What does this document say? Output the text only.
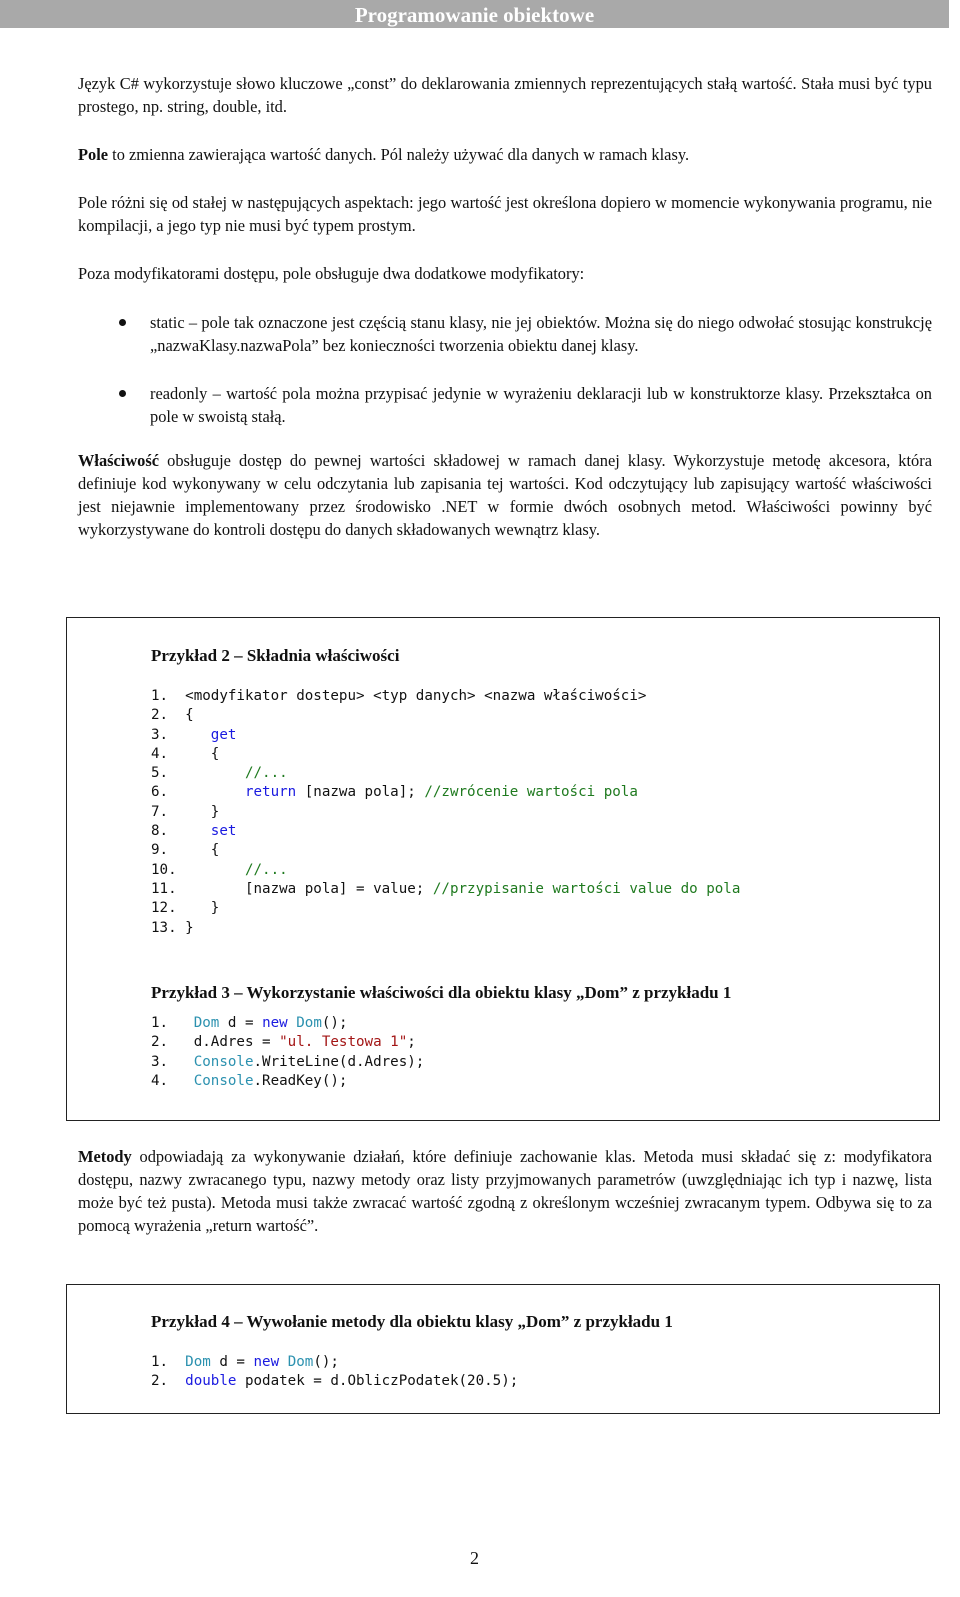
Programowanie obiektowe

Język C# wykorzystuje słowo kluczowe „const” do deklarowania zmiennych reprezentujących stałą wartość. Stała musi być typu prostego, np. string, double, itd.

Pole to zmienna zawierająca wartość danych. Pól należy używać dla danych w ramach klasy.

Pole różni się od stałej w następujących aspektach: jego wartość jest określona dopiero w momencie wykonywania programu, nie kompilacji, a jego typ nie musi być typem prostym.

Poza modyfikatorami dostępu, pole obsługuje dwa dodatkowe modyfikatory:

static – pole tak oznaczone jest częścią stanu klasy, nie jej obiektów. Można się do niego odwołać stosując konstrukcję „nazwaKlasy.nazwaPola” bez konieczności tworzenia obiektu danej klasy.
readonly – wartość pola można przypisać jedynie w wyrażeniu deklaracji lub w konstruktorze klasy. Przekształca on pole w swoistą stałą.

Właściwość obsługuje dostęp do pewnej wartości składowej w ramach danej klasy. Wykorzystuje metodę akcesora, która definiuje kod wykonywany w celu odczytania lub zapisania tej wartości. Kod odczytujący lub zapisujący wartość właściwości jest niejawnie implementowany przez środowisko .NET w formie dwóch osobnych metod. Właściwości powinny być wykorzystywane do kontroli dostępu do danych składowanych wewnątrz klasy.

Przykład 2 – Składnia właściwości

1.  <modyfikator dostepu> <typ danych> <nazwa właściwości>
2.  {
3.     get
4.     {
5.         //...
6.         return [nazwa pola]; //zwrócenie wartości pola
7.     }
8.     set
9.     {
10.        //...
11.        [nazwa pola] = value; //przypisanie wartości value do pola
12.    }
13. }

Przykład 3 – Wykorzystanie właściwości dla obiektu klasy „Dom” z przykładu 1

1.   Dom d = new Dom();
2.   d.Adres = "ul. Testowa 1";
3.   Console.WriteLine(d.Adres);
4.   Console.ReadKey();

Metody odpowiadają za wykonywanie działań, które definiuje zachowanie klas. Metoda musi składać się z: modyfikatora dostępu, nazwy zwracanego typu, nazwy metody oraz listy przyjmowanych parametrów (uwzględniając ich typ i nazwę, lista może być też pusta). Metoda musi także zwracać wartość zgodną z określonym wcześniej zwracanym typem. Odbywa się to za pomocą wyrażenia „return wartość”.

Przykład 4 – Wywołanie metody dla obiektu klasy „Dom” z przykładu 1

1.  Dom d = new Dom();
2.  double podatek = d.ObliczPodatek(20.5);
2
